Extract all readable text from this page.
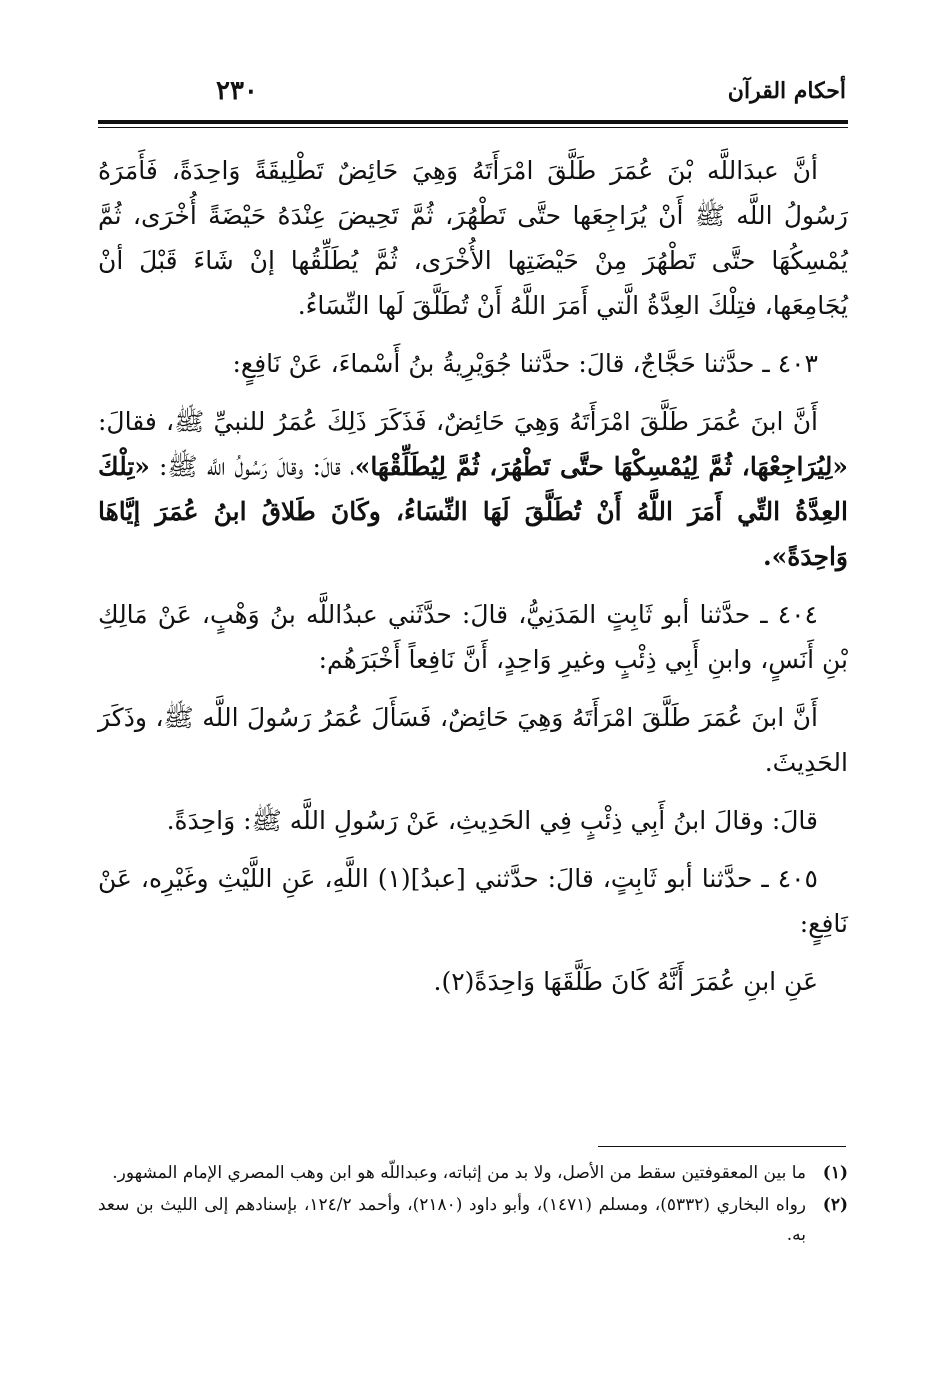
أحكام القرآن
٢٣٠

أنَّ عبدَاللَّه بْنَ عُمَرَ طَلَّقَ امْرَأَتَهُ وَهِيَ حَائِضٌ تَطْلِيقَةً وَاحِدَةً، فَأَمَرَهُ رَسُولُ اللَّه ﷺ أَنْ يُرَاجِعَها حتَّى تَطْهُرَ، ثُمَّ تَحِيضَ عِنْدَهُ حَيْضَةً أُخْرَى، ثُمَّ يُمْسِكُهَا حتَّى تَطْهُرَ مِنْ حَيْضَتِها الأُخْرَى، ثُمَّ يُطَلِّقُها إنْ شَاءَ قَبْلَ أنْ يُجَامِعَها، فتِلْكَ العِدَّةُ الَّتي أَمَرَ اللَّهُ أَنْ تُطَلَّقَ لَها النِّسَاءُ.

٤٠٣ ـ حدَّثنا حَجَّاجٌ، قالَ: حدَّثنا جُوَيْرِيةُ بنُ أَسْماءَ، عَنْ نَافِعٍ:

أَنَّ ابنَ عُمَرَ طَلَّقَ امْرَأَتَهُ وَهِيَ حَائِضٌ، فَذَكَرَ ذَلِكَ عُمَرُ للنبيِّ ﷺ، فقالَ: «لِيُرَاجِعْهَا، ثُمَّ لِيُمْسِكْهَا حتَّى تَطْهُرَ، ثُمَّ لِيُطَلِّقْهَا»، قالَ: وقالَ رَسُولُ اللَّه ﷺ: «تِلْكَ العِدَّةُ التِّي أَمَرَ اللَّهُ أَنْ تُطَلَّقَ لَهَا النِّسَاءُ، وكَانَ طَلاقُ ابنُ عُمَرَ إيَّاهَا وَاحِدَةً».

٤٠٤ ـ حدَّثنا أبو ثَابِتٍ المَدَنِيُّ، قالَ: حدَّثَني عبدُاللَّه بنُ وَهْبٍ، عَنْ مَالِكِ بْنِ أَنَسٍ، وابنِ أَبِي ذِئْبٍ وغيرِ وَاحِدٍ، أَنَّ نَافِعاً أَخْبَرَهُم:

أَنَّ ابنَ عُمَرَ طَلَّقَ امْرَأَتَهُ وَهِيَ حَائِضٌ، فَسَأَلَ عُمَرُ رَسُولَ اللَّه ﷺ، وذَكَرَ الحَدِيثَ.

قالَ: وقالَ ابنُ أَبِي ذِئْبٍ فِي الحَدِيثِ، عَنْ رَسُولِ اللَّه ﷺ: وَاحِدَةً.

٤٠٥ ـ حدَّثنا أبو ثَابِتٍ، قالَ: حدَّثني [عبدُ](١) اللَّهِ، عَنِ اللَّيْثِ وغَيْرِه، عَنْ نَافِعٍ:

عَنِ ابنِ عُمَرَ أَنَّهُ كَانَ طَلَّقَهَا وَاحِدَةً(٢).

(١)
ما بين المعقوفتين سقط من الأصل، ولا بد من إثباته، وعبداللّه هو ابن وهب المصري الإمام المشهور.
(٢)
رواه البخاري (٥٣٣٢)، ومسلم (١٤٧١)، وأبو داود (٢١٨٠)، وأحمد ١٢٤/٢، بإسنادهم إلى الليث بن سعد به.
